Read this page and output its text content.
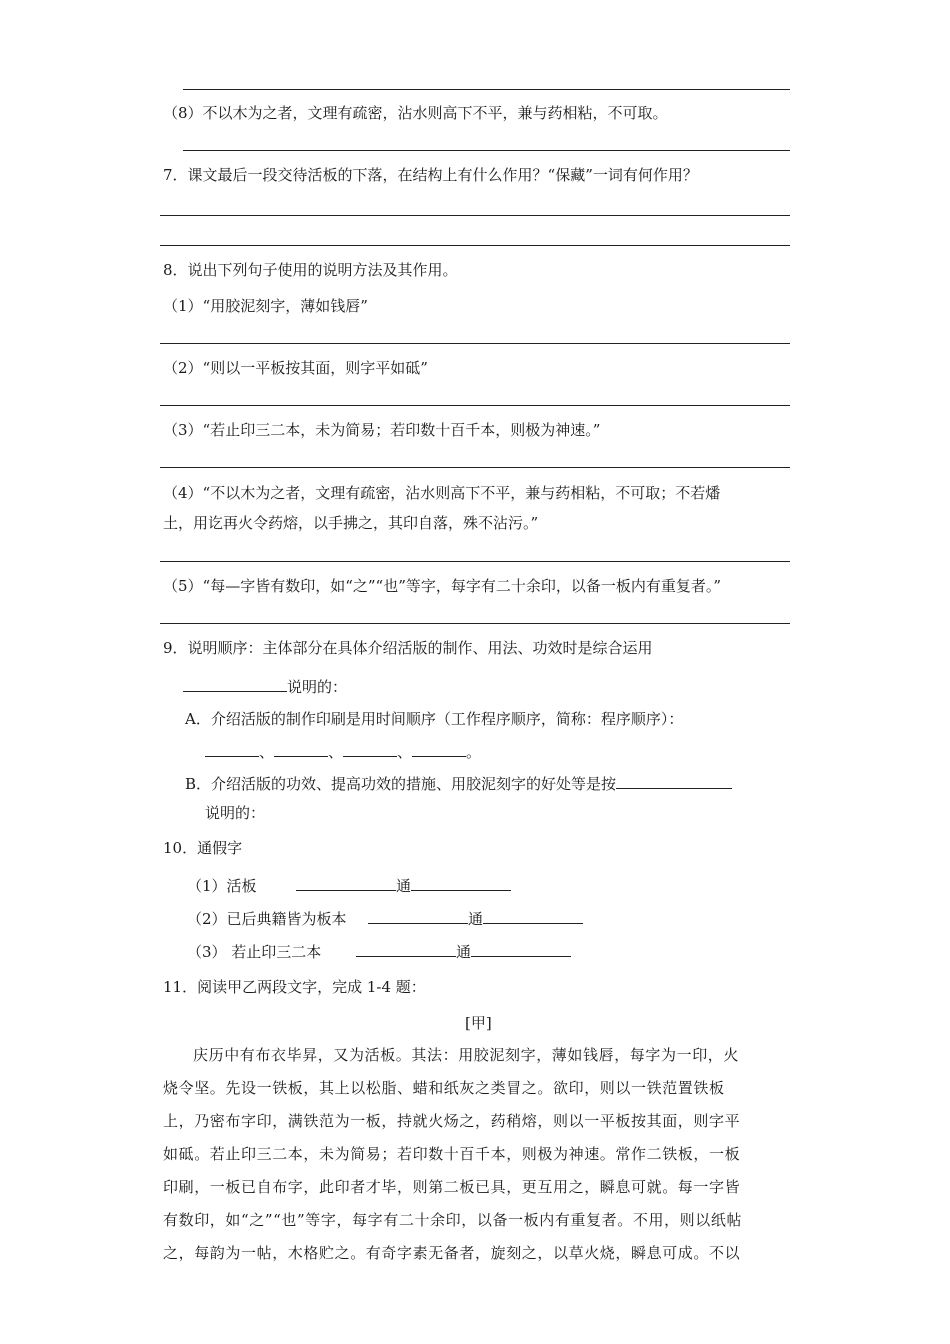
（8）不以木为之者，文理有疏密，沾水则高下不平，兼与药相粘，不可取。
7．课文最后一段交待活板的下落，在结构上有什么作用？“保藏”一词有何作用？
8．说出下列句子使用的说明方法及其作用。
（1）“用胶泥刻字，薄如钱唇”
（2）“则以一平板按其面，则字平如砥”
（3）“若止印三二本，未为简易；若印数十百千本，则极为神速。”
（4）“不以木为之者，文理有疏密，沾水则高下不平，兼与药相粘，不可取；不若燔
土，用讫再火令药熔，以手拂之，其印自落，殊不沾污。”
（5）“每—字皆有数印，如“之”“也”等字，每字有二十余印，以备一板内有重复者。”
9．说明顺序：主体部分在具体介绍活版的制作、用法、功效时是综合运用
说明的：
A．介绍活版的制作印刷是用时间顺序（工作程序顺序，简称：程序顺序）：
、	、	、	。
B．介绍活版的功效、提高功效的措施、用胶泥刻字的好处等是按
说明的：
10．通假字
（1）活板	通
（2）已后典籍皆为板本	通
（3） 若止印三二本	通
11．阅读甲乙两段文字，完成 1-4 题：
[甲]
庆历中有布衣毕昇，又为活板。其法：用胶泥刻字，薄如钱唇，每字为一印，火
烧令坚。先设一铁板，其上以松脂、蜡和纸灰之类冒之。欲印，则以一铁范置铁板
上，乃密布字印，满铁范为一板，持就火炀之，药稍熔，则以一平板按其面，则字平
如砥。若止印三二本，未为简易；若印数十百千本，则极为神速。常作二铁板，一板
印刷，一板已自布字，此印者才毕，则第二板已具，更互用之，瞬息可就。每一字皆
有数印，如“之”“也”等字，每字有二十余印，以备一板内有重复者。不用，则以纸帖
之，每韵为一帖，木格贮之。有奇字素无备者，旋刻之，以草火烧，瞬息可成。不以
